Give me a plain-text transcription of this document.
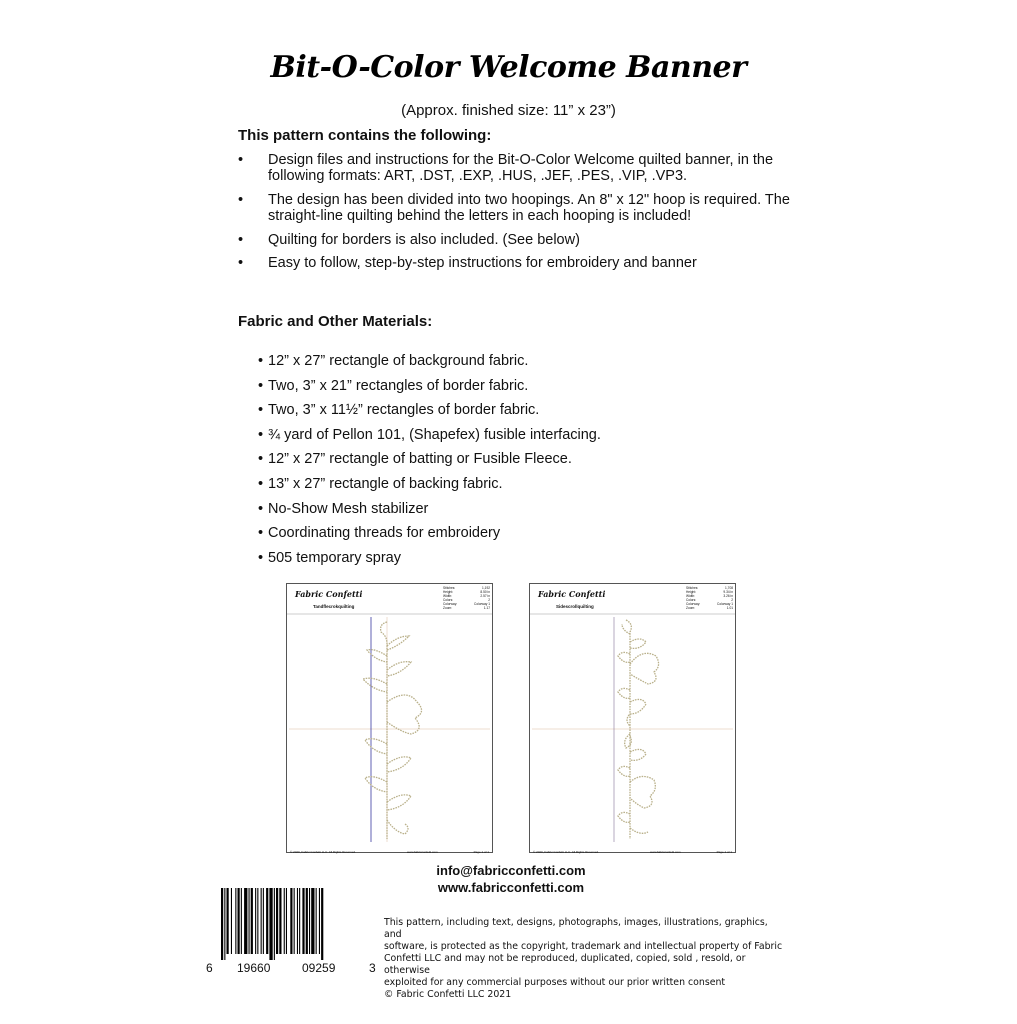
Bit-O-Color Welcome Banner
(Approx. finished size: 11” x 23”)
This pattern contains the following:
• Design files and instructions for the Bit-O-Color Welcome quilted banner, in the
following formats: ART, .DST, .EXP, .HUS, .JEF, .PES, .VIP, .VP3.
• The design has been divided into two hoopings. An 8" x 12" hoop is required. The
straight-line quilting behind the letters in each hooping is included!
• Quilting for borders is also included. (See below)
• Easy to follow, step-by-step instructions for embroidery and banner
Fabric and Other Materials:
• 12” x 27” rectangle of background fabric.
• Two, 3” x 21” rectangles of border fabric.
• Two, 3” x 11½” rectangles of border fabric.
• ¾ yard of Pellon 101, (Shapefex) fusible interfacing.
• 12” x 27” rectangle of batting or Fusible Fleece.
• 13” x 27” rectangle of backing fabric.
• No-Show Mesh stabilizer
• Coordinating threads for embroidery
• 505 temporary spray
Fabric Confetti
Tandflecrokquilting
Stitches:	1,192
Height:	8.50 in
Width:	2.57 in
Colors:	2
Colorway:	Colorway 1
Zoom:	1.17
© 2020, Fabric Confetti LLC. All Rights Reserved.	www.fabricconfetti.com	Page 1 of 1
Fabric Confetti
Sidescrollquilting
Stitches:	1,708
Height:	9.34 in
Width:	3.26 in
Colors:	2
Colorway:	Colorway 1
Zoom:	1.01
© 2020, Fabric Confetti LLC. All Rights Reserved.	www.fabricconfetti.com	Page 1 of 1
info@fabricconfetti.com
www.fabricconfetti.com
6 19660	09259	3
This pattern, including text, designs, photographs, images, illustrations, graphics, and
software, is protected as the copyright, trademark and intellectual property of Fabric
Confetti LLC and may not be reproduced, duplicated, copied, sold , resold, or otherwise
exploited for any commercial purposes without our prior written consent
© Fabric Confetti LLC 2021
